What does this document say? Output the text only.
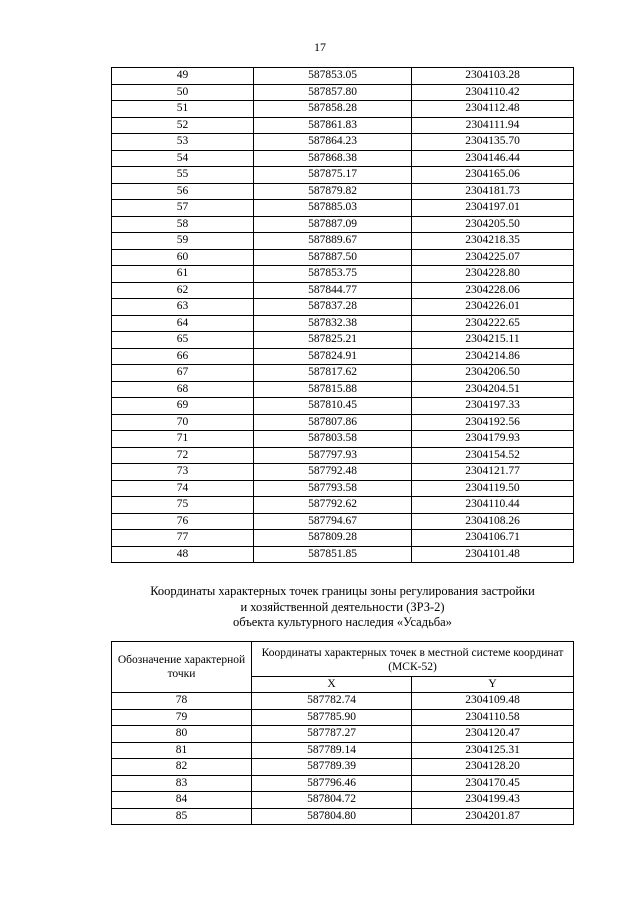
17
49	587853.05	2304103.28
50	587857.80	2304110.42
51	587858.28	2304112.48
52	587861.83	2304111.94
53	587864.23	2304135.70
54	587868.38	2304146.44
55	587875.17	2304165.06
56	587879.82	2304181.73
57	587885.03	2304197.01
58	587887.09	2304205.50
59	587889.67	2304218.35
60	587887.50	2304225.07
61	587853.75	2304228.80
62	587844.77	2304228.06
63	587837.28	2304226.01
64	587832.38	2304222.65
65	587825.21	2304215.11
66	587824.91	2304214.86
67	587817.62	2304206.50
68	587815.88	2304204.51
69	587810.45	2304197.33
70	587807.86	2304192.56
71	587803.58	2304179.93
72	587797.93	2304154.52
73	587792.48	2304121.77
74	587793.58	2304119.50
75	587792.62	2304110.44
76	587794.67	2304108.26
77	587809.28	2304106.71
48	587851.85	2304101.48
Координаты характерных точек границы зоны регулирования застройки
и хозяйственной деятельности (ЗРЗ-2)
объекта культурного наследия «Усадьба»
Обозначение характерной точки	Координаты характерных точек в местной системе координат (МСК-52)	
	X	Y
78	587782.74	2304109.48
79	587785.90	2304110.58
80	587787.27	2304120.47
81	587789.14	2304125.31
82	587789.39	2304128.20
83	587796.46	2304170.45
84	587804.72	2304199.43
85	587804.80	2304201.87
